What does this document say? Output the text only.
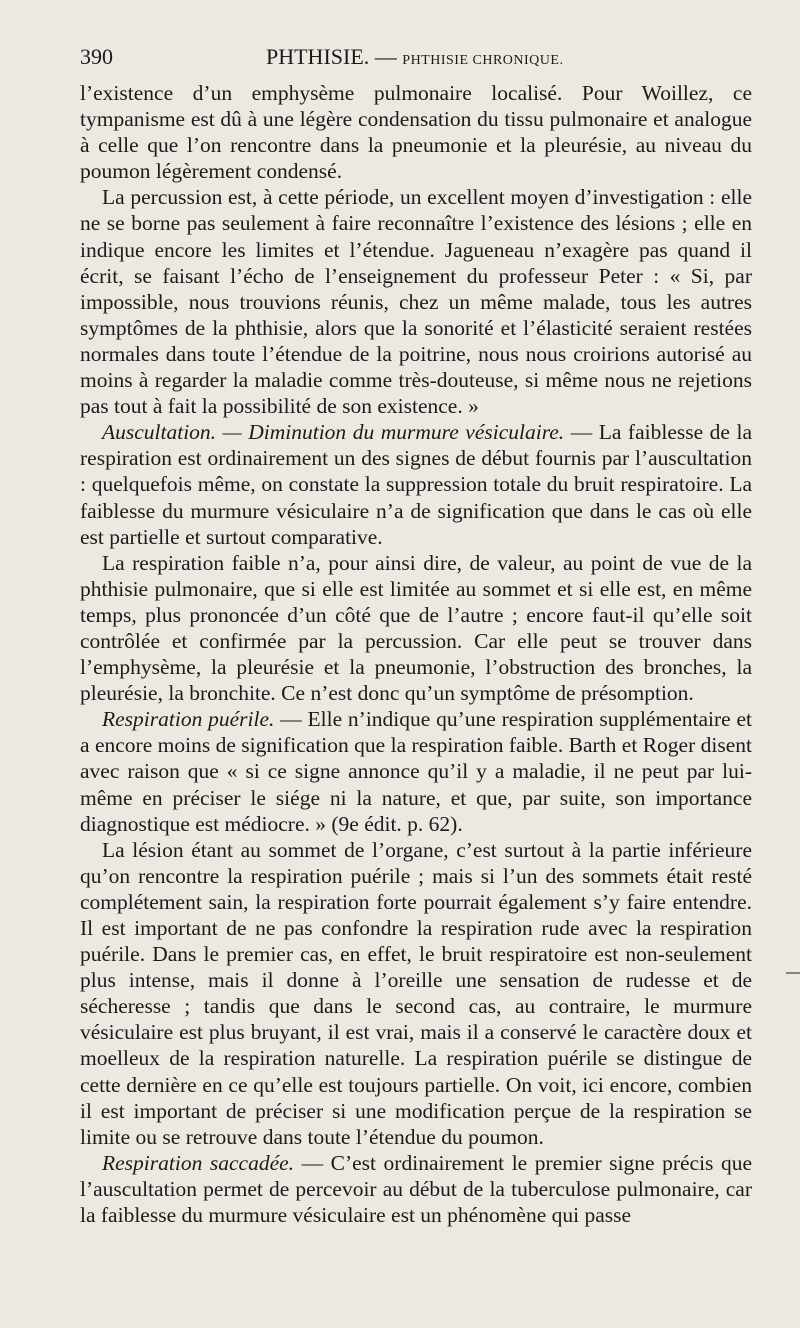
390	PHTHISIE. — PHTHISIE CHRONIQUE.

l’existence d’un emphysème pulmonaire localisé. Pour Woillez, ce tympanisme est dû à une légère condensation du tissu pulmonaire et analogue à celle que l’on rencontre dans la pneumonie et la pleurésie, au niveau du poumon légèrement condensé.

La percussion est, à cette période, un excellent moyen d’investigation : elle ne se borne pas seulement à faire reconnaître l’existence des lésions ; elle en indique encore les limites et l’étendue. Jagueneau n’exagère pas quand il écrit, se faisant l’écho de l’enseignement du professeur Peter : « Si, par impossible, nous trouvions réunis, chez un même malade, tous les autres symptômes de la phthisie, alors que la sonorité et l’élasticité seraient restées normales dans toute l’étendue de la poitrine, nous nous croirions autorisé au moins à regarder la maladie comme très-douteuse, si même nous ne rejetions pas tout à fait la possibilité de son existence. »

Auscultation. — Diminution du murmure vésiculaire. — La faiblesse de la respiration est ordinairement un des signes de début fournis par l’auscultation : quelquefois même, on constate la suppression totale du bruit respiratoire. La faiblesse du murmure vésiculaire n’a de signification que dans le cas où elle est partielle et surtout comparative.

La respiration faible n’a, pour ainsi dire, de valeur, au point de vue de la phthisie pulmonaire, que si elle est limitée au sommet et si elle est, en même temps, plus prononcée d’un côté que de l’autre ; encore faut-il qu’elle soit contrôlée et confirmée par la percussion. Car elle peut se trouver dans l’emphysème, la pleurésie et la pneumonie, l’obstruction des bronches, la pleurésie, la bronchite. Ce n’est donc qu’un symptôme de présomption.

Respiration puérile. — Elle n’indique qu’une respiration supplémentaire et a encore moins de signification que la respiration faible. Barth et Roger disent avec raison que « si ce signe annonce qu’il y a maladie, il ne peut par lui-même en préciser le siége ni la nature, et que, par suite, son importance diagnostique est médiocre. » (9e édit. p. 62).

La lésion étant au sommet de l’organe, c’est surtout à la partie inférieure qu’on rencontre la respiration puérile ; mais si l’un des sommets était resté complétement sain, la respiration forte pourrait également s’y faire entendre. Il est important de ne pas confondre la respiration rude avec la respiration puérile. Dans le premier cas, en effet, le bruit respiratoire est non-seulement plus intense, mais il donne à l’oreille une sensation de rudesse et de sécheresse ; tandis que dans le second cas, au contraire, le murmure vésiculaire est plus bruyant, il est vrai, mais il a conservé le caractère doux et moelleux de la respiration naturelle. La respiration puérile se distingue de cette dernière en ce qu’elle est toujours partielle. On voit, ici encore, combien il est important de préciser si une modification perçue de la respiration se limite ou se retrouve dans toute l’étendue du poumon.

Respiration saccadée. — C’est ordinairement le premier signe précis que l’auscultation permet de percevoir au début de la tuberculose pulmonaire, car la faiblesse du murmure vésiculaire est un phénomène qui passe
